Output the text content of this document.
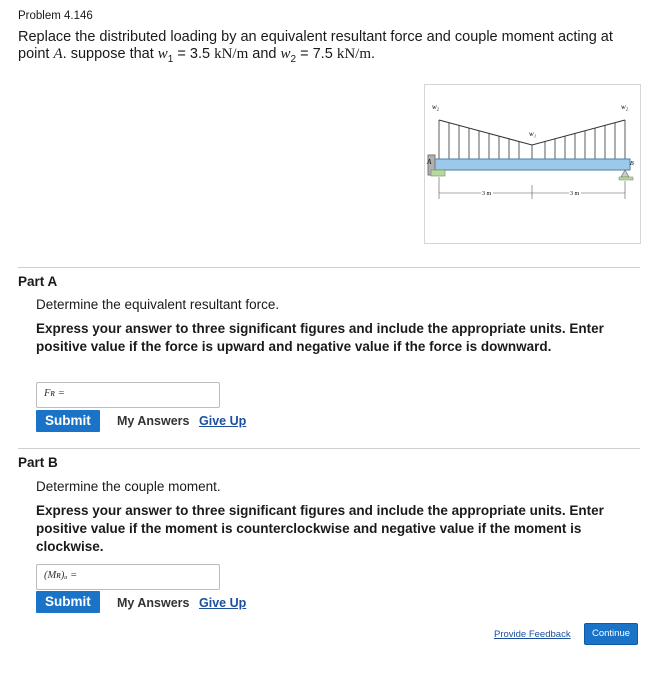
Problem 4.146
Replace the distributed loading by an equivalent resultant force and couple moment acting at
point A. suppose that $w_1 = 3.5$ kN/m and $w_2 = 7.5$ kN/m.
w₂
w₁
w₂
A	B
3 m	3 m
Part A
Determine the equivalent resultant force.
Express your answer to three significant figures and include the appropriate units. Enter positive value if the force is upward and negative value if the force is downward.
Fʀ =
Submit	My Answers Give Up
Part B
Determine the couple moment.
Express your answer to three significant figures and include the appropriate units. Enter positive value if the moment is counterclockwise and negative value if the moment is clockwise.
(Mʀ)ₐ =
Submit	My Answers Give Up
Provide Feedback	Continue
